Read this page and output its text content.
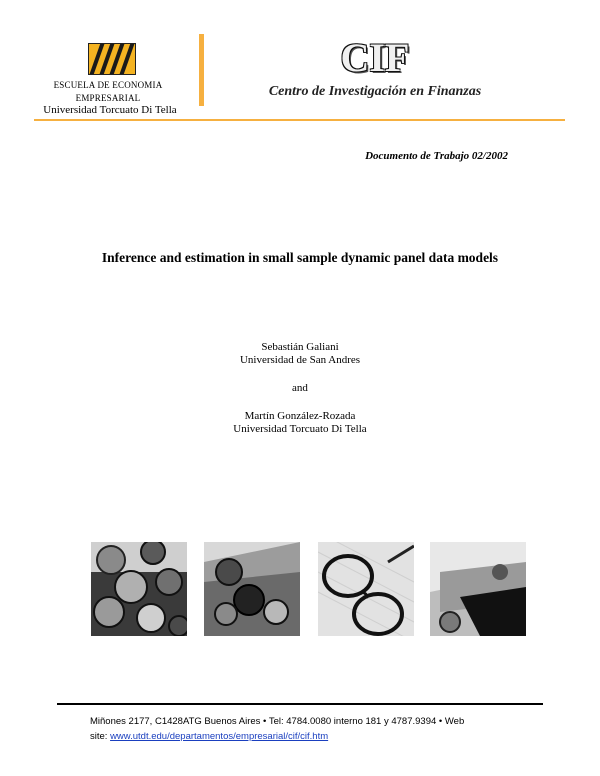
ESCUELA DE ECONOMIA
EMPRESARIAL
Universidad Torcuato Di Tella
CIF
Centro de Investigación en Finanzas
Documento de Trabajo 02/2002
Inference and estimation in small sample dynamic panel data models
Sebastián Galiani
Universidad de San Andres
and
Martín González-Rozada
Universidad Torcuato Di Tella
Miñones 2177, C1428ATG Buenos Aires • Tel: 4784.0080 interno 181 y 4787.9394 • Web
site: www.utdt.edu/departamentos/empresarial/cif/cif.htm
